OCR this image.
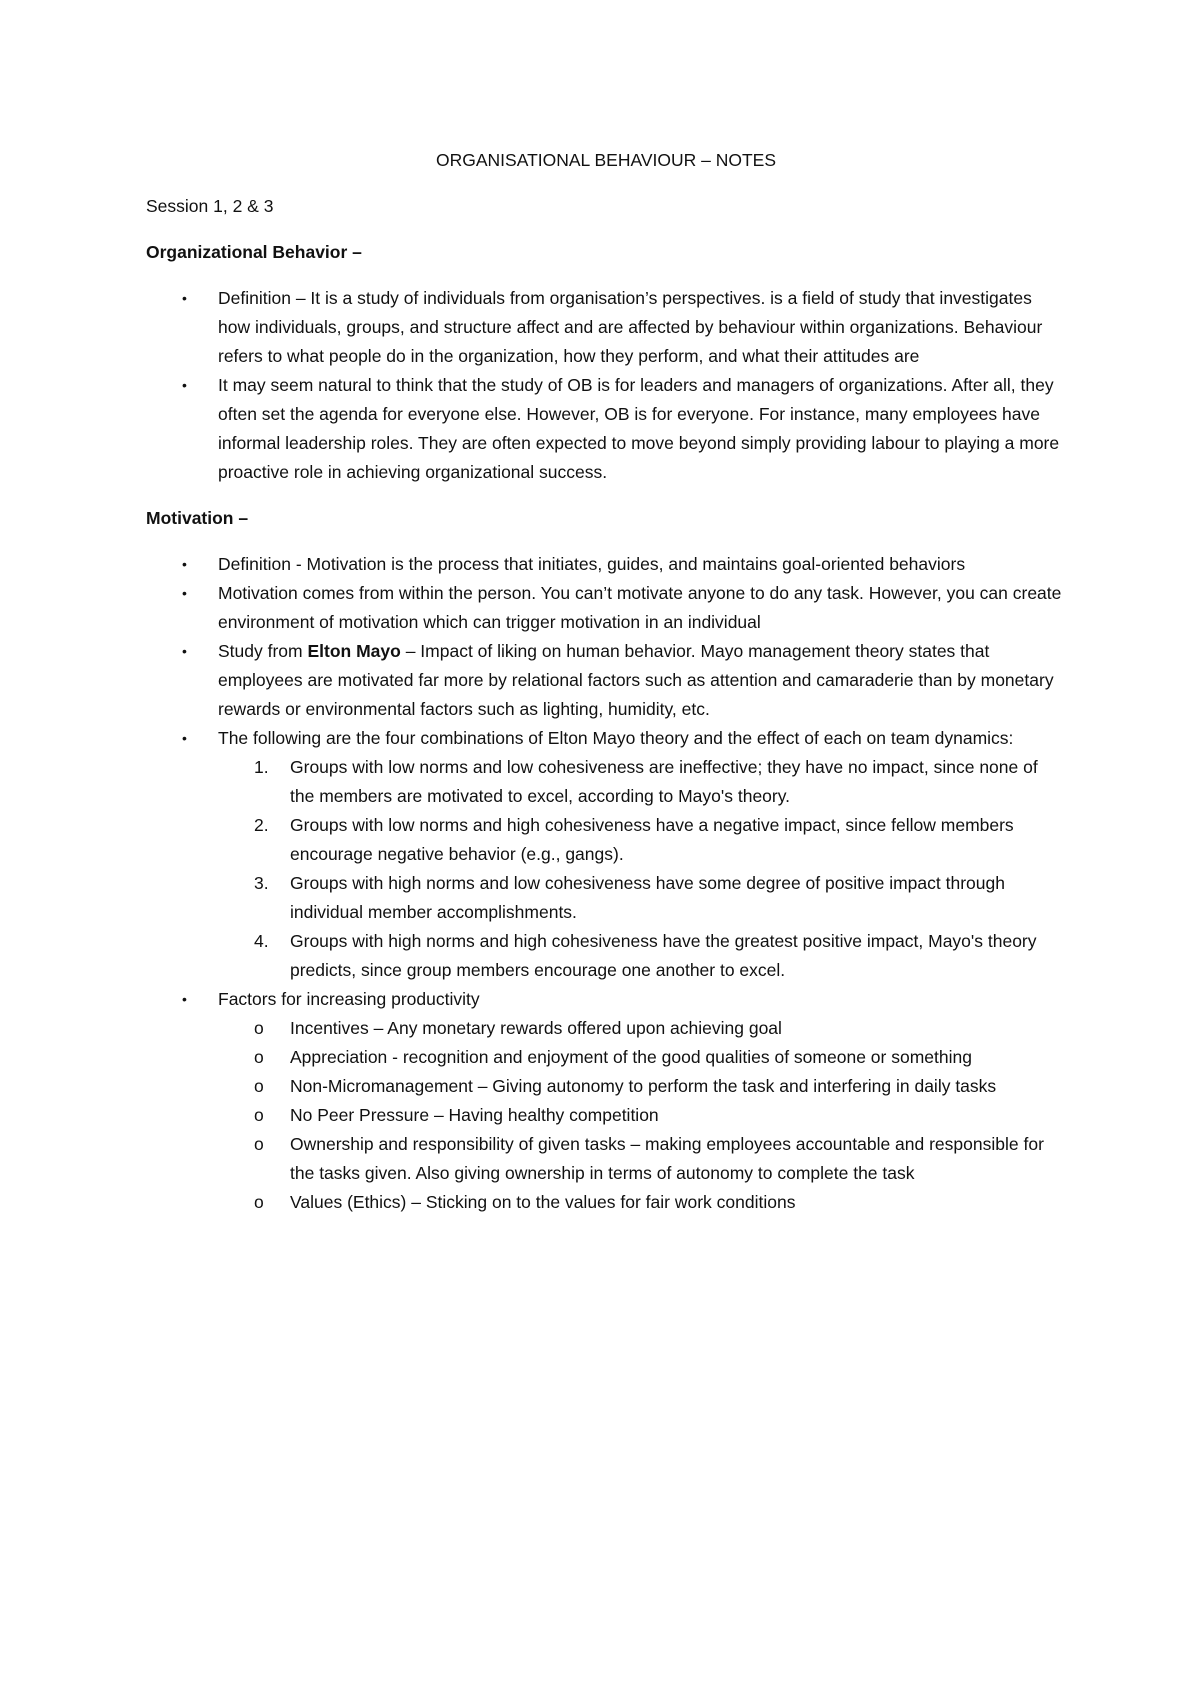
ORGANISATIONAL BEHAVIOUR – NOTES
Session 1, 2 & 3
Organizational Behavior –
• Definition – It is a study of individuals from organisation’s perspectives. is a field of study that investigates how individuals, groups, and structure affect and are affected by behaviour within organizations. Behaviour refers to what people do in the organization, how they perform, and what their attitudes are
• It may seem natural to think that the study of OB is for leaders and managers of organizations. After all, they often set the agenda for everyone else. However, OB is for everyone. For instance, many employees have informal leadership roles. They are often expected to move beyond simply providing labour to playing a more proactive role in achieving organizational success.
Motivation –
• Definition - Motivation is the process that initiates, guides, and maintains goal-oriented behaviors
• Motivation comes from within the person. You can’t motivate anyone to do any task. However, you can create environment of motivation which can trigger motivation in an individual
• Study from Elton Mayo – Impact of liking on human behavior. Mayo management theory states that employees are motivated far more by relational factors such as attention and camaraderie than by monetary rewards or environmental factors such as lighting, humidity, etc.
• The following are the four combinations of Elton Mayo theory and the effect of each on team dynamics:
1. Groups with low norms and low cohesiveness are ineffective; they have no impact, since none of the members are motivated to excel, according to Mayo's theory.
2. Groups with low norms and high cohesiveness have a negative impact, since fellow members encourage negative behavior (e.g., gangs).
3. Groups with high norms and low cohesiveness have some degree of positive impact through individual member accomplishments.
4. Groups with high norms and high cohesiveness have the greatest positive impact, Mayo's theory predicts, since group members encourage one another to excel.
• Factors for increasing productivity
o Incentives – Any monetary rewards offered upon achieving goal
o Appreciation - recognition and enjoyment of the good qualities of someone or something
o Non-Micromanagement – Giving autonomy to perform the task and interfering in daily tasks
o No Peer Pressure – Having healthy competition
o Ownership and responsibility of given tasks – making employees accountable and responsible for the tasks given. Also giving ownership in terms of autonomy to complete the task
o Values (Ethics) – Sticking on to the values for fair work conditions
